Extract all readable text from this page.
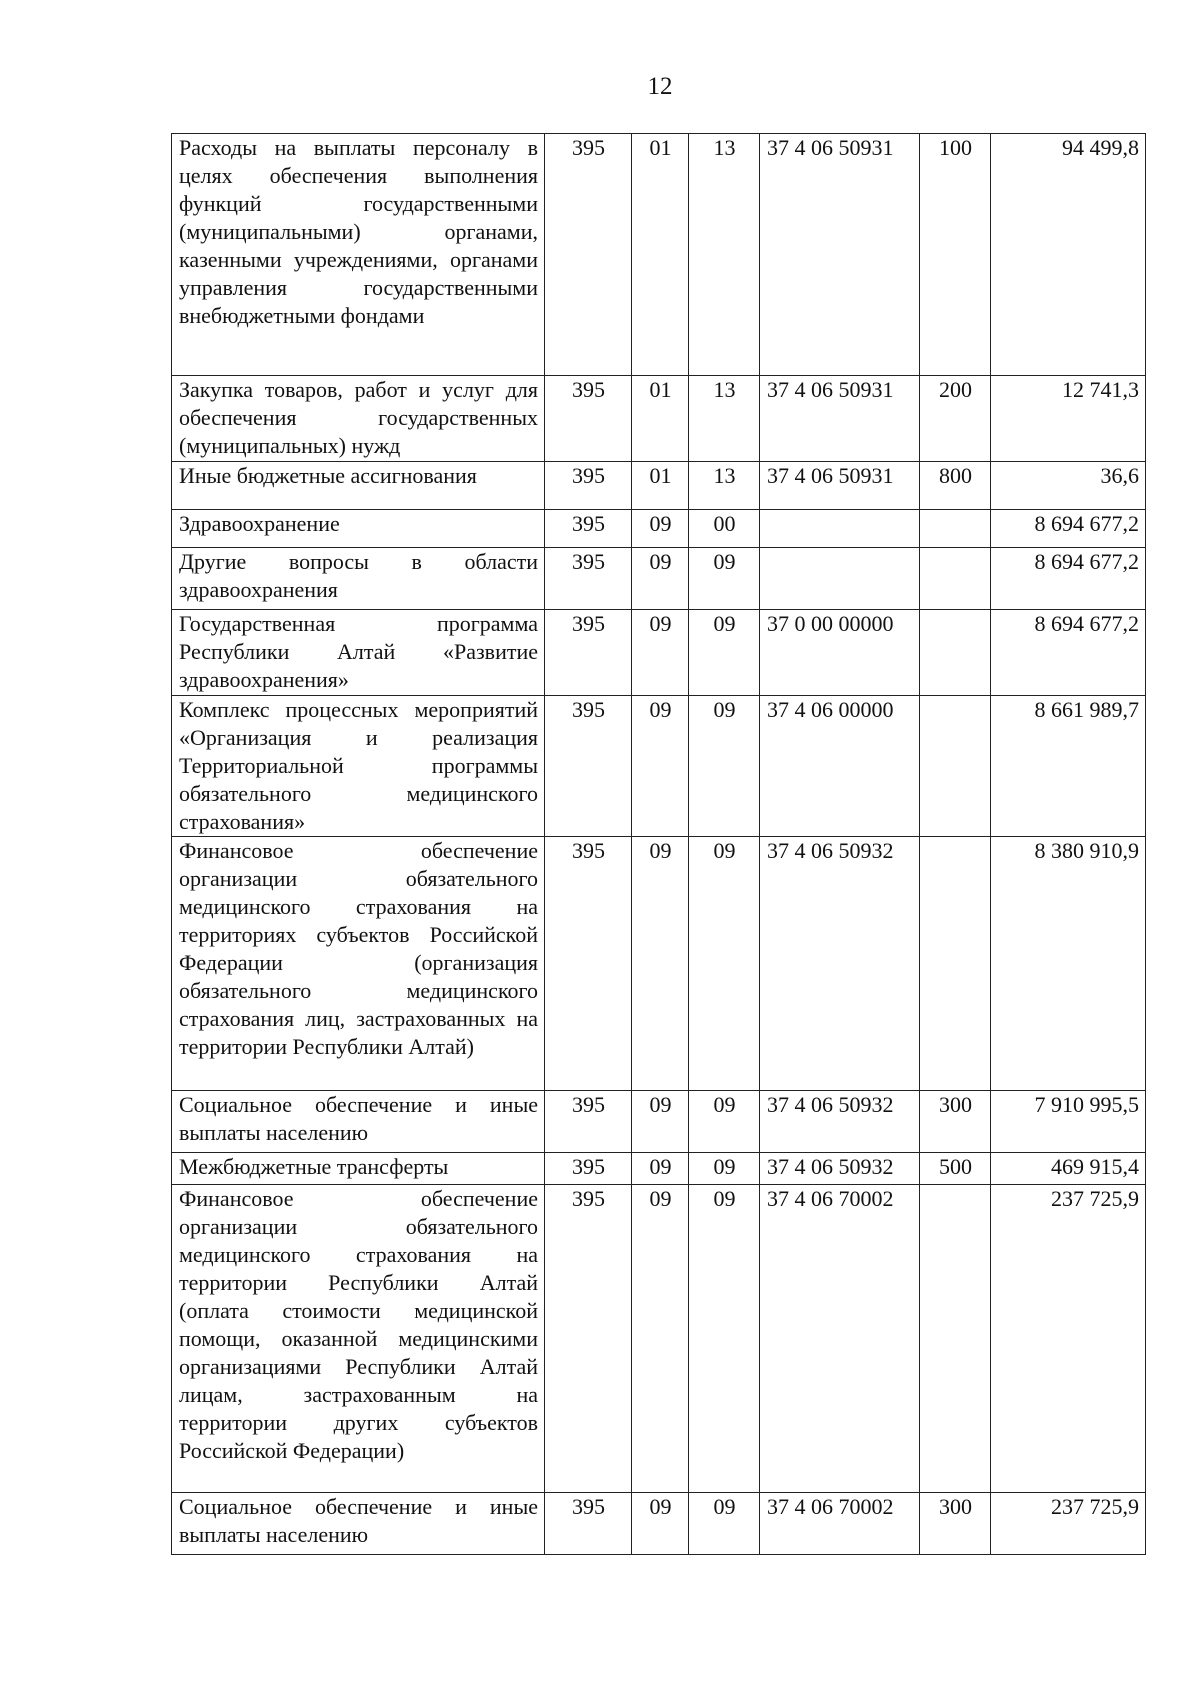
12
Расходы на выплаты персоналу в целях обеспечения выполнения функций государственными (муниципальными) органами, казенными учреждениями, органами управления государственными внебюджетными фондами	395	01	13	37 4 06 50931	100	94 499,8
Закупка товаров, работ и услуг для обеспечения государственных (муниципальных) нужд	395	01	13	37 4 06 50931	200	12 741,3
Иные бюджетные ассигнования	395	01	13	37 4 06 50931	800	36,6
Здравоохранение	395	09	00			8 694 677,2
Другие вопросы в области здравоохранения	395	09	09			8 694 677,2
Государственная программа Республики Алтай «Развитие здравоохранения»	395	09	09	37 0 00 00000		8 694 677,2
Комплекс процессных мероприятий «Организация и реализация Территориальной программы обязательного медицинского страхования»	395	09	09	37 4 06 00000		8 661 989,7
Финансовое обеспечение организации обязательного медицинского страхования на территориях субъектов Российской Федерации (организация обязательного медицинского страхования лиц, застрахованных на территории Республики Алтай)	395	09	09	37 4 06 50932		8 380 910,9
Социальное обеспечение и иные выплаты населению	395	09	09	37 4 06 50932	300	7 910 995,5
Межбюджетные трансферты	395	09	09	37 4 06 50932	500	469 915,4
Финансовое обеспечение организации обязательного медицинского страхования на территории Республики Алтай (оплата стоимости медицинской помощи, оказанной медицинскими организациями Республики Алтай лицам, застрахованным на территории других субъектов Российской Федерации)	395	09	09	37 4 06 70002		237 725,9
Социальное обеспечение и иные выплаты населению	395	09	09	37 4 06 70002	300	237 725,9
